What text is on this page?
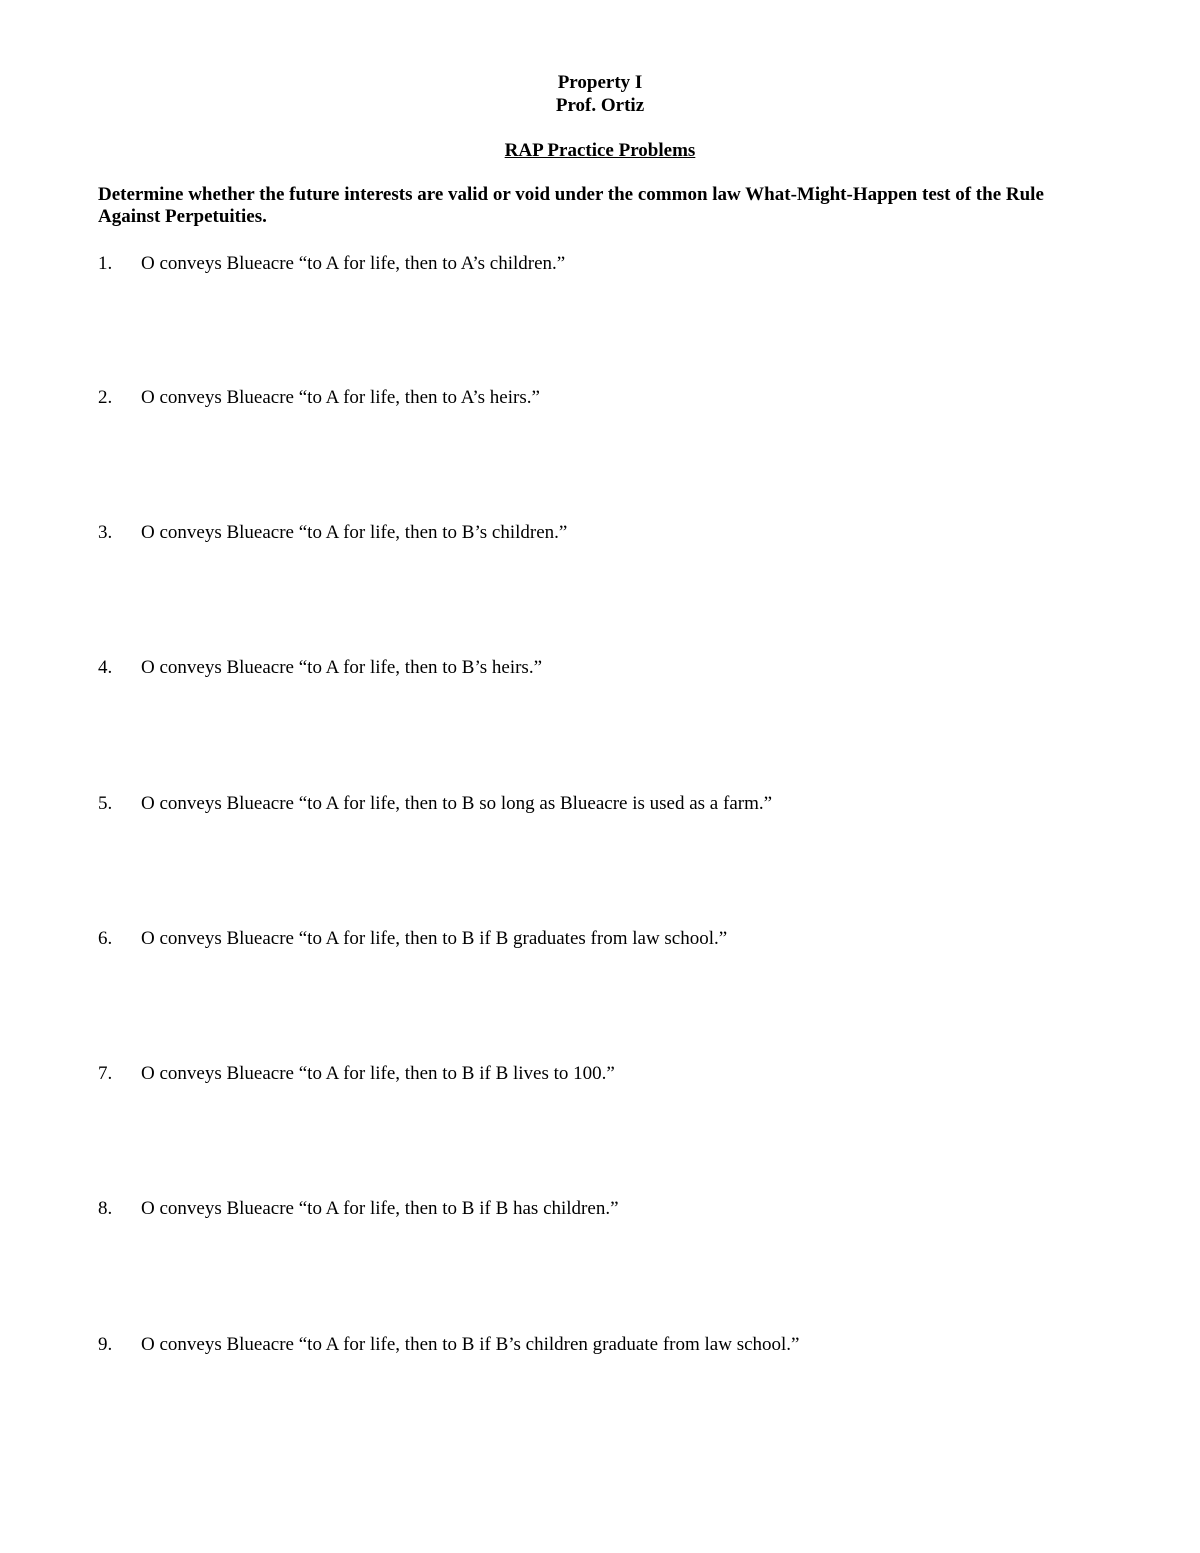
Property I
Prof. Ortiz
RAP Practice Problems
Determine whether the future interests are valid or void under the common law What-Might-Happen test of the Rule Against Perpetuities.
1. O conveys Blueacre “to A for life, then to A’s children.”
2. O conveys Blueacre “to A for life, then to A’s heirs.”
3. O conveys Blueacre “to A for life, then to B’s children.”
4. O conveys Blueacre “to A for life, then to B’s heirs.”
5. O conveys Blueacre “to A for life, then to B so long as Blueacre is used as a farm.”
6. O conveys Blueacre “to A for life, then to B if B graduates from law school.”
7. O conveys Blueacre “to A for life, then to B if B lives to 100.”
8. O conveys Blueacre “to A for life, then to B if B has children.”
9. O conveys Blueacre “to A for life, then to B if B’s children graduate from law school.”
